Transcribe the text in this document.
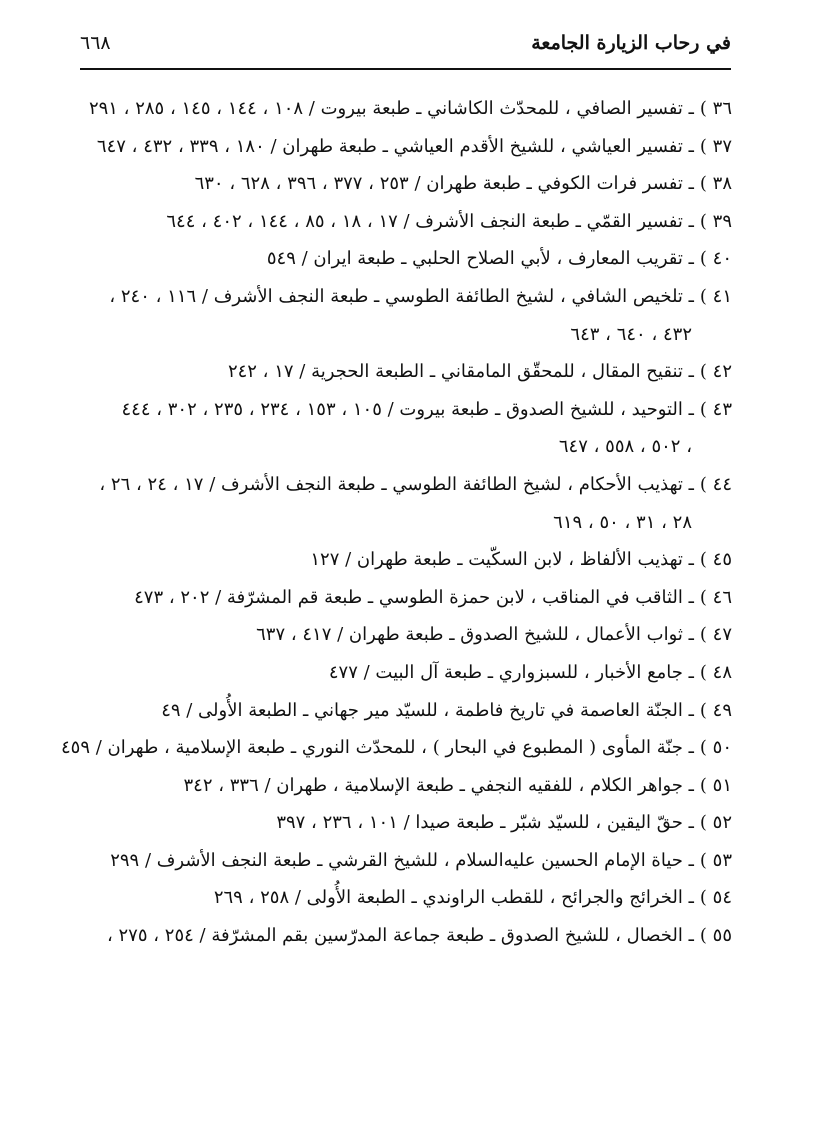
في رحاب الزيارة الجامعة
٦٦٨

٣٦ )ـ تفسير الصافي ، للمحدّث الكاشاني ـ طبعة بيروت / ١٠٨ ، ١٤٤ ، ١٤٥ ، ٢٨٥ ، ٢٩١

٣٧ )ـ تفسير العياشي ، للشيخ الأقدم العياشي ـ طبعة طهران / ١٨٠ ، ٣٣٩ ، ٤٣٢ ، ٦٤٧

٣٨ )ـ تفسر فرات الكوفي ـ طبعة طهران / ٢٥٣ ، ٣٧٧ ، ٣٩٦ ، ٦٢٨ ، ٦٣٠

٣٩ )ـ تفسير القمّي ـ طبعة النجف الأشرف / ١٧ ، ١٨ ، ٨٥ ، ١٤٤ ، ٤٠٢ ، ٦٤٤

٤٠ )ـ تقريب المعارف ، لأبي الصلاح الحلبي ـ طبعة ايران / ٥٤٩

٤١ )ـ تلخيص الشافي ، لشيخ الطائفة الطوسي ـ طبعة النجف الأشرف / ١١٦ ، ٢٤٠ ،
٤٣٢ ، ٦٤٠ ، ٦٤٣

٤٢ )ـ تنقيح المقال ، للمحقّق المامقاني ـ الطبعة الحجرية / ١٧ ، ٢٤٢

٤٣ )ـ التوحيد ، للشيخ الصدوق ـ طبعة بيروت / ١٠٥ ، ١٥٣ ، ٢٣٤ ، ٢٣٥ ، ٣٠٢ ، ٤٤٤
، ٥٠٢ ، ٥٥٨ ، ٦٤٧

٤٤ )ـ تهذيب الأحكام ، لشيخ الطائفة الطوسي ـ طبعة النجف الأشرف / ١٧ ، ٢٤ ، ٢٦ ،
٢٨ ، ٣١ ، ٥٠ ، ٦١٩

٤٥ )ـ تهذيب الألفاظ ، لابن السكّيت ـ طبعة طهران / ١٢٧

٤٦ )ـ الثاقب في المناقب ، لابن حمزة الطوسي ـ طبعة قم المشرّفة / ٢٠٢ ، ٤٧٣

٤٧ )ـ ثواب الأعمال ، للشيخ الصدوق ـ طبعة طهران / ٤١٧ ، ٦٣٧

٤٨ )ـ جامع الأخبار ، للسبزواري ـ طبعة آل البيت / ٤٧٧

٤٩ )ـ الجنّة العاصمة في تاريخ فاطمة ، للسيّد مير جهاني ـ الطبعة الأُولى / ٤٩

٥٠ )ـ جنّة المأوى ( المطبوع في البحار ) ، للمحدّث النوري ـ طبعة الإسلامية ، طهران / ٤٥٩

٥١ )ـ جواهر الكلام ، للفقيه النجفي ـ طبعة الإسلامية ، طهران / ٣٣٦ ، ٣٤٢

٥٢ )ـ حقّ اليقين ، للسيّد شبّر ـ طبعة صيدا / ١٠١ ، ٢٣٦ ، ٣٩٧

٥٣ )ـ حياة الإمام الحسين عليه‌السلام ، للشيخ القرشي ـ طبعة النجف الأشرف / ٢٩٩

٥٤ )ـ الخرائج والجرائح ، للقطب الراوندي ـ الطبعة الأُولى / ٢٥٨ ، ٢٦٩

٥٥ )ـ الخصال ، للشيخ الصدوق ـ طبعة جماعة المدرّسين بقم المشرّفة / ٢٥٤ ، ٢٧٥ ،
